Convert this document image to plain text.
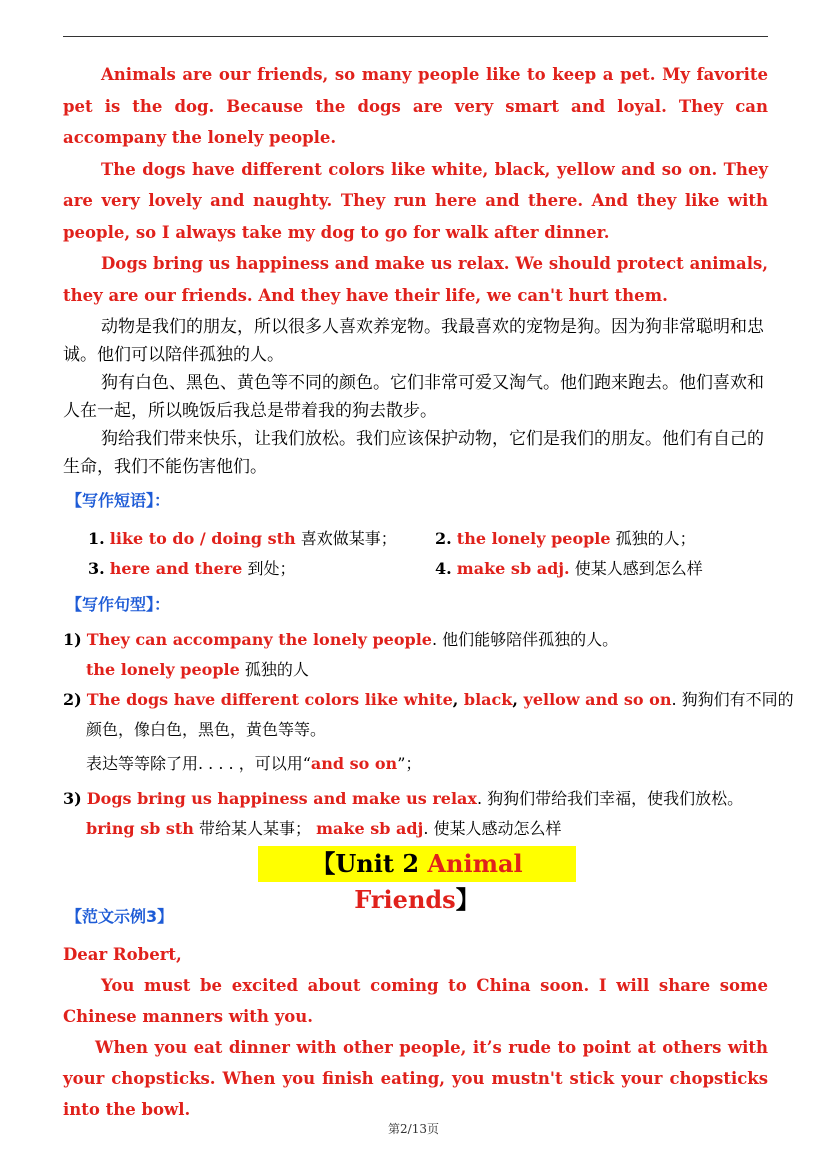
Animals are our friends, so many people like to keep a pet. My favorite pet is the dog. Because the dogs are very smart and loyal. They can accompany the lonely people.

The dogs have different colors like white, black, yellow and so on. They are very lovely and naughty. They run here and there. And they like with people, so I always take my dog to go for walk after dinner.

Dogs bring us happiness and make us relax. We should protect animals, they are our friends. And they have their life, we can't hurt them.

动物是我们的朋友，所以很多人喜欢养宠物。我最喜欢的宠物是狗。因为狗非常聪明和忠诚。他们可以陪伴孤独的人。

狗有白色、黑色、黄色等不同的颜色。它们非常可爱又淘气。他们跑来跑去。他们喜欢和人在一起，所以晚饭后我总是带着我的狗去散步。

狗给我们带来快乐，让我们放松。我们应该保护动物，它们是我们的朋友。他们有自己的生命，我们不能伤害他们。

【写作短语】：
1. like to do / doing sth 喜欢做某事； 2. the lonely people 孤独的人；
3. here and there 到处；	4. make sb adj. 使某人感到怎么样
【写作句型】：
1) They can accompany the lonely people. 他们能够陪伴孤独的人。
the lonely people 孤独的人
2) The dogs have different colors like white, black, yellow and so on. 狗狗们有不同的
颜色，像白色，黑色，黄色等等。
表达等等除了用. . . . ，可以用“and so on”；
3) Dogs bring us happiness and make us relax. 狗狗们带给我们幸福，使我们放松。
bring sb sth 带给某人某事； make sb adj. 使某人感动怎么样
【Unit 2 Animal Friends】
【范文示例3】

Dear Robert,

You must be excited about coming to China soon. I will share some Chinese manners with you.

When you eat dinner with other people, it’s rude to point at others with your chopsticks. When you finish eating, you mustn't stick your chopsticks into the bowl.

第2/13页
